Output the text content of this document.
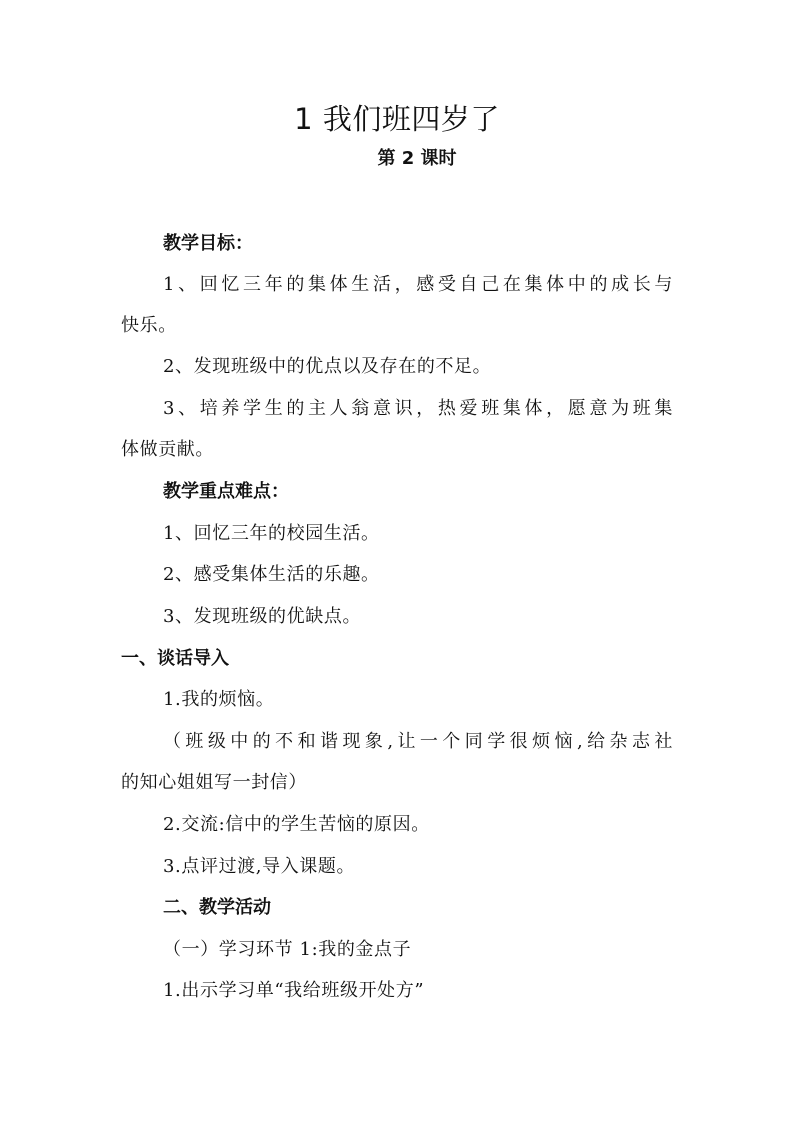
1 我们班四岁了
第 2 课时
教学目标：
1、回忆三年的集体生活，感受自己在集体中的成长与
快乐。
2、发现班级中的优点以及存在的不足。
3、培养学生的主人翁意识，热爱班集体，愿意为班集
体做贡献。
教学重点难点：
1、回忆三年的校园生活。
2、感受集体生活的乐趣。
3、发现班级的优缺点。
一、谈话导入
1.我的烦恼。
（班级中的不和谐现象,让一个同学很烦恼,给杂志社
的知心姐姐写一封信）
2.交流:信中的学生苦恼的原因。
3.点评过渡,导入课题。
二、教学活动
（一）学习环节 1:我的金点子
1.出示学习单“我给班级开处方”
